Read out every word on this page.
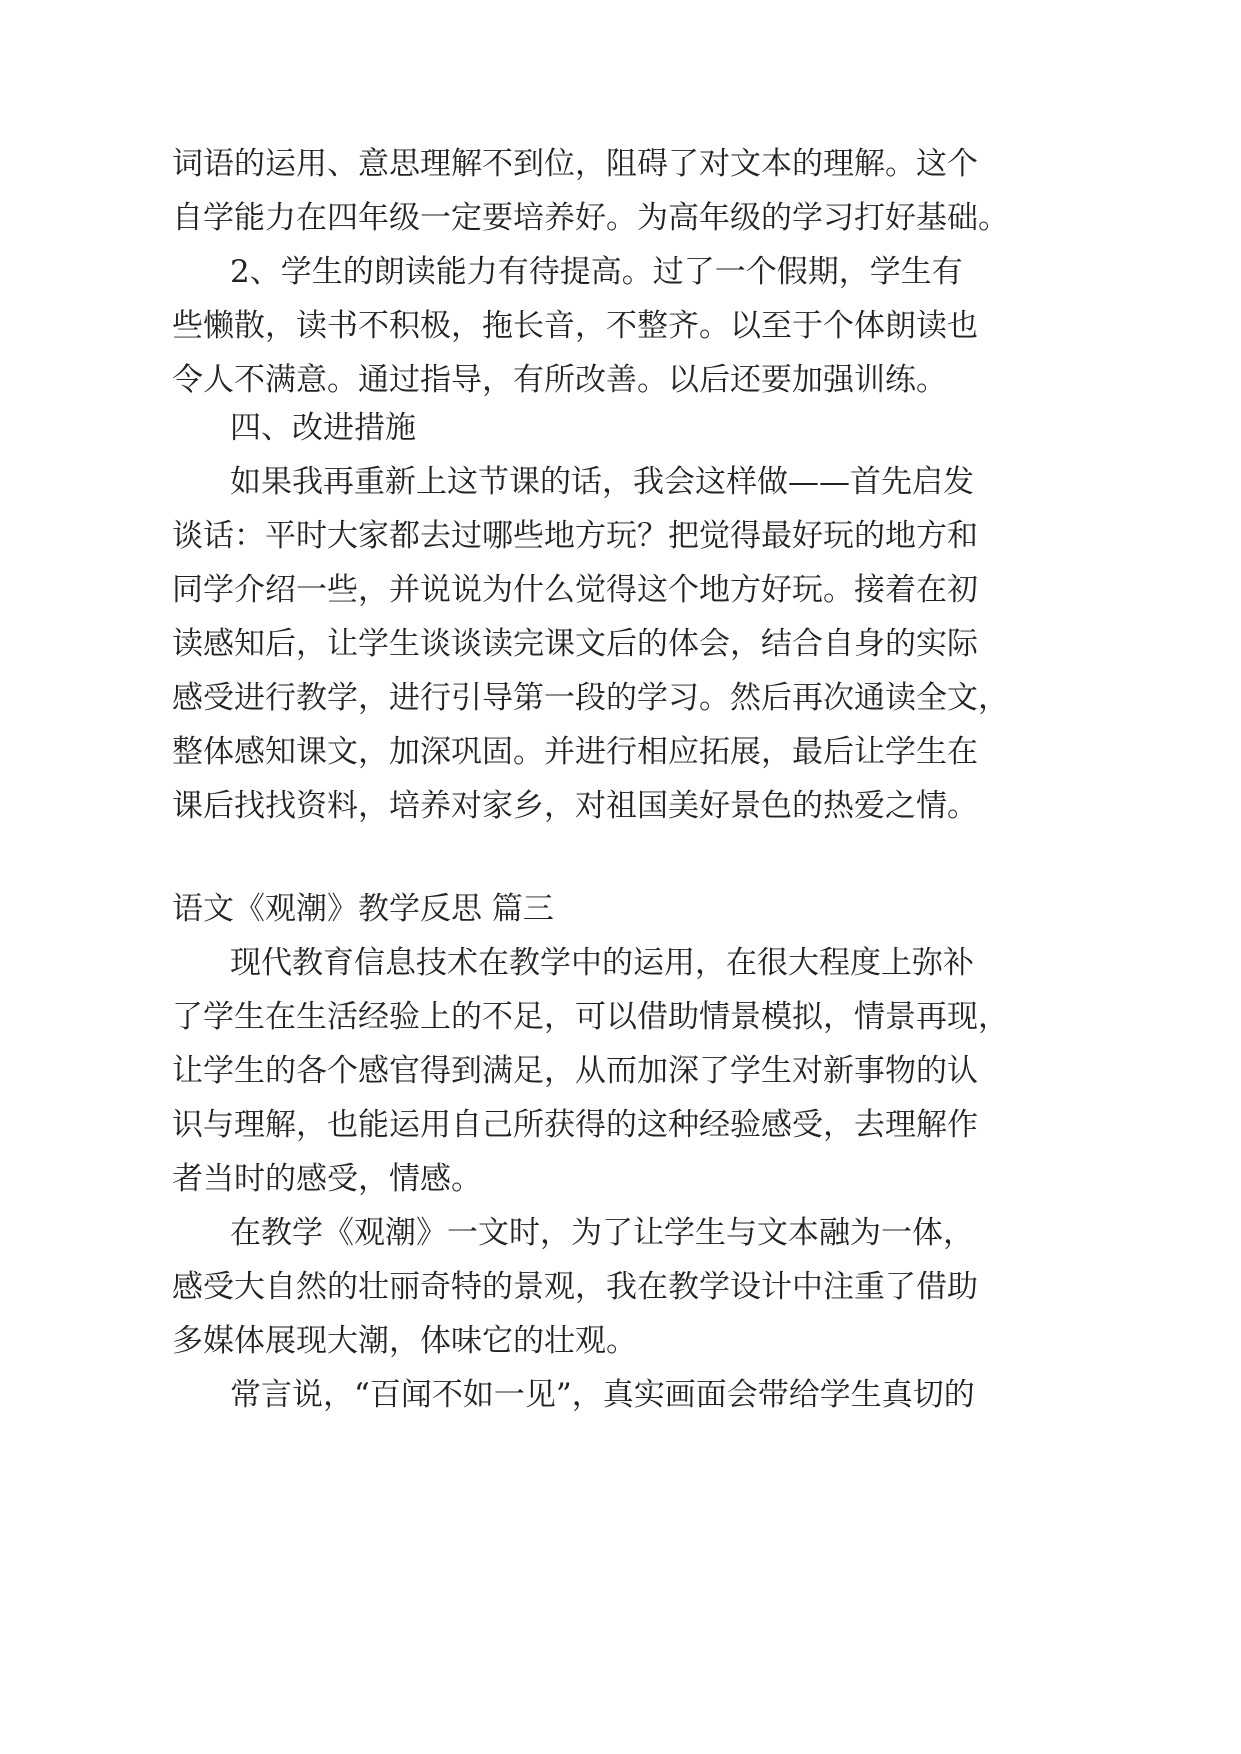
词语的运用、意思理解不到位，阻碍了对文本的理解。这个
自学能力在四年级一定要培养好。为高年级的学习打好基础。
2、学生的朗读能力有待提高。过了一个假期，学生有
些懒散，读书不积极，拖长音，不整齐。以至于个体朗读也
令人不满意。通过指导，有所改善。以后还要加强训练。
四、改进措施
如果我再重新上这节课的话，我会这样做——首先启发
谈话：平时大家都去过哪些地方玩？把觉得最好玩的地方和
同学介绍一些，并说说为什么觉得这个地方好玩。接着在初
读感知后，让学生谈谈读完课文后的体会，结合自身的实际
感受进行教学，进行引导第一段的学习。然后再次通读全文，
整体感知课文，加深巩固。并进行相应拓展，最后让学生在
课后找找资料，培养对家乡，对祖国美好景色的热爱之情。
语文《观潮》教学反思 篇三
现代教育信息技术在教学中的运用，在很大程度上弥补
了学生在生活经验上的不足，可以借助情景模拟，情景再现，
让学生的各个感官得到满足，从而加深了学生对新事物的认
识与理解，也能运用自己所获得的这种经验感受，去理解作
者当时的感受，情感。
在教学《观潮》一文时，为了让学生与文本融为一体，
感受大自然的壮丽奇特的景观，我在教学设计中注重了借助
多媒体展现大潮，体味它的壮观。
常言说，“百闻不如一见”，真实画面会带给学生真切的
